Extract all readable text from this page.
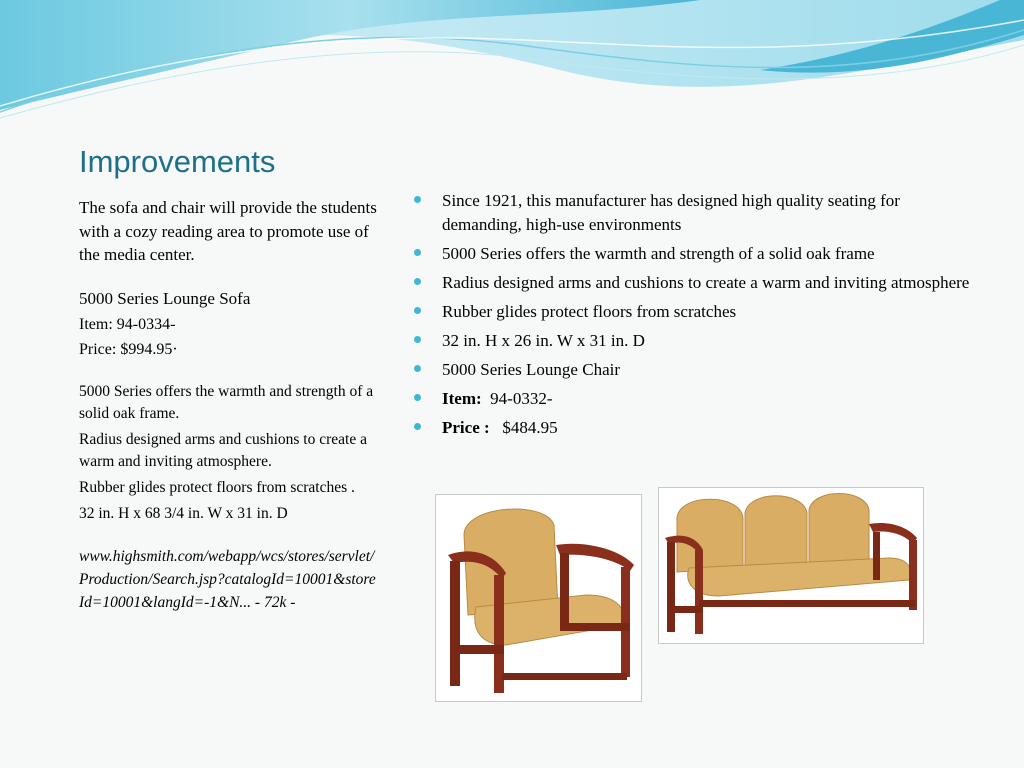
Improvements

The sofa and chair will provide the students with a cozy reading area to promote use of the media center.

5000 Series Lounge Sofa

Item: 94-0334-

Price: $994.95·

5000 Series offers the warmth and strength of a solid oak frame.

Radius designed arms and cushions to create a warm and inviting atmosphere.

Rubber glides protect floors from scratches .

32 in. H x 68 3/4 in. W x 31 in. D

www.highsmith.com/webapp/wcs/stores/servlet/Production/Search.jsp?catalogId=10001&storeId=10001&langId=-1&N... - 72k -

Since 1921, this manufacturer has designed high quality seating for demanding, high-use environments
5000 Series offers the warmth and strength of a solid oak frame
Radius designed arms and cushions to create a warm and inviting atmosphere
Rubber glides protect floors from scratches
32 in. H x 26 in. W x 31 in. D
5000 Series Lounge Chair
Item: 94-0332-
Price : $484.95
